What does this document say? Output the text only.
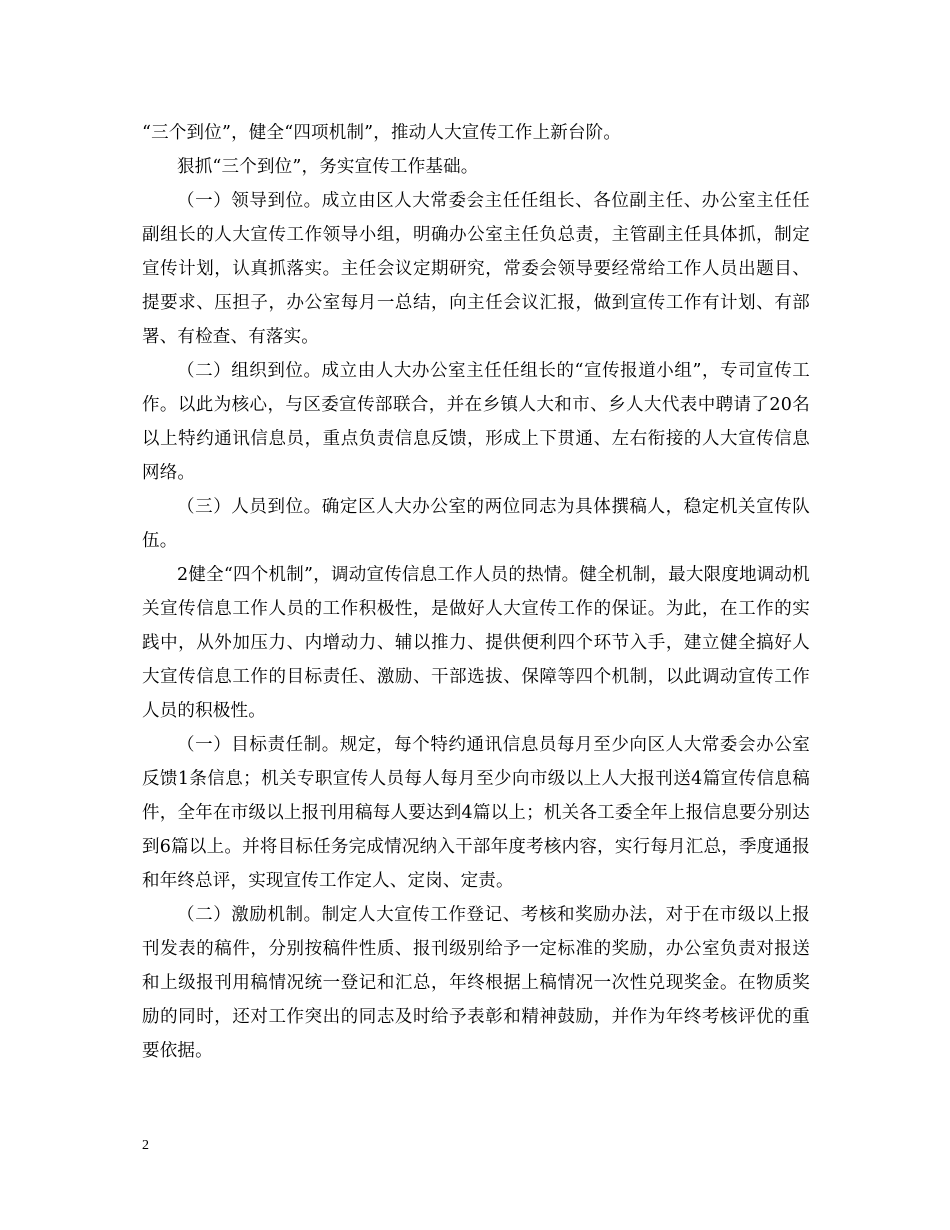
“三个到位”，健全“四项机制”，推动人大宣传工作上新台阶。

狠抓“三个到位”，务实宣传工作基础。

（一）领导到位。成立由区人大常委会主任任组长、各位副主任、办公室主任任副组长的人大宣传工作领导小组，明确办公室主任负总责，主管副主任具体抓，制定宣传计划，认真抓落实。主任会议定期研究，常委会领导要经常给工作人员出题目、提要求、压担子，办公室每月一总结，向主任会议汇报，做到宣传工作有计划、有部署、有检查、有落实。

（二）组织到位。成立由人大办公室主任任组长的“宣传报道小组”，专司宣传工作。以此为核心，与区委宣传部联合，并在乡镇人大和市、乡人大代表中聘请了20名以上特约通讯信息员，重点负责信息反馈，形成上下贯通、左右衔接的人大宣传信息网络。

（三）人员到位。确定区人大办公室的两位同志为具体撰稿人，稳定机关宣传队伍。

2健全“四个机制”，调动宣传信息工作人员的热情。健全机制，最大限度地调动机关宣传信息工作人员的工作积极性，是做好人大宣传工作的保证。为此，在工作的实践中，从外加压力、内增动力、辅以推力、提供便利四个环节入手，建立健全搞好人大宣传信息工作的目标责任、激励、干部选拔、保障等四个机制，以此调动宣传工作人员的积极性。

（一）目标责任制。规定，每个特约通讯信息员每月至少向区人大常委会办公室反馈1条信息；机关专职宣传人员每人每月至少向市级以上人大报刊送4篇宣传信息稿件，全年在市级以上报刊用稿每人要达到4篇以上；机关各工委全年上报信息要分别达到6篇以上。并将目标任务完成情况纳入干部年度考核内容，实行每月汇总，季度通报和年终总评，实现宣传工作定人、定岗、定责。

（二）激励机制。制定人大宣传工作登记、考核和奖励办法，对于在市级以上报刊发表的稿件，分别按稿件性质、报刊级别给予一定标准的奖励，办公室负责对报送和上级报刊用稿情况统一登记和汇总，年终根据上稿情况一次性兑现奖金。在物质奖励的同时，还对工作突出的同志及时给予表彰和精神鼓励，并作为年终考核评优的重要依据。

2
